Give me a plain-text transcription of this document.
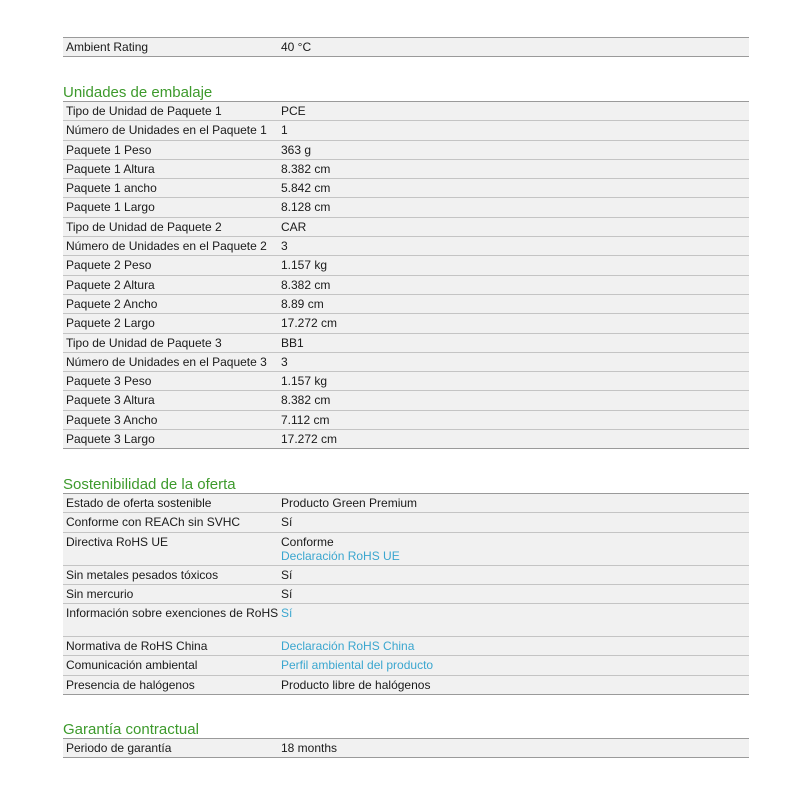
Ambient Rating	40 °C
Unidades de embalaje
Tipo de Unidad de Paquete 1	PCE
Número de Unidades en el Paquete 1	1
Paquete 1 Peso	363 g
Paquete 1 Altura	8.382 cm
Paquete 1 ancho	5.842 cm
Paquete 1 Largo	8.128 cm
Tipo de Unidad de Paquete 2	CAR
Número de Unidades en el Paquete 2	3
Paquete 2 Peso	1.157 kg
Paquete 2 Altura	8.382 cm
Paquete 2 Ancho	8.89 cm
Paquete 2 Largo	17.272 cm
Tipo de Unidad de Paquete 3	BB1
Número de Unidades en el Paquete 3	3
Paquete 3 Peso	1.157 kg
Paquete 3 Altura	8.382 cm
Paquete 3 Ancho	7.112 cm
Paquete 3 Largo	17.272 cm
Sostenibilidad de la oferta
Estado de oferta sostenible	Producto Green Premium
Conforme con REACh sin SVHC	Sí
Directiva RoHS UE	Conforme
Declaración RoHS UE
Sin metales pesados tóxicos	Sí
Sin mercurio	Sí
Información sobre exenciones de RoHS Sí
Normativa de RoHS China	Declaración RoHS China
Comunicación ambiental	Perfil ambiental del producto
Presencia de halógenos	Producto libre de halógenos
Garantía contractual
Periodo de garantía	18 months
